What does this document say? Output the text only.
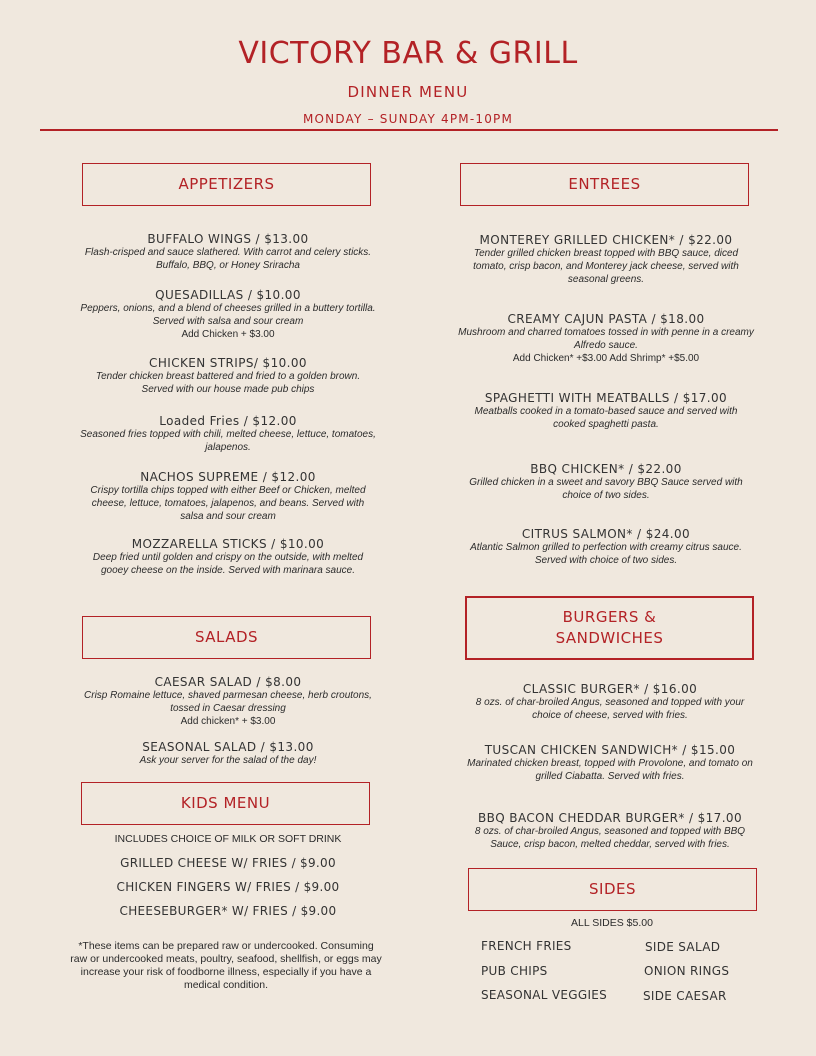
VICTORY BAR & GRILL
DINNER MENU
MONDAY – SUNDAY 4PM-10PM
APPETIZERS
BUFFALO WINGS / $13.00
Flash-crisped and sauce slathered. With carrot and celery sticks. Buffalo, BBQ, or Honey Sriracha
QUESADILLAS / $10.00
Peppers, onions, and a blend of cheeses grilled in a buttery tortilla. Served with salsa and sour cream
Add Chicken + $3.00
CHICKEN STRIPS/ $10.00
Tender chicken breast battered and fried to a golden brown. Served with our house made pub chips
Loaded Fries / $12.00
Seasoned fries topped with chili, melted cheese, lettuce, tomatoes, jalapenos.
NACHOS SUPREME / $12.00
Crispy tortilla chips topped with either Beef or Chicken, melted cheese, lettuce, tomatoes, jalapenos, and beans. Served with salsa and sour cream
MOZZARELLA STICKS / $10.00
Deep fried until golden and crispy on the outside, with melted gooey cheese on the inside. Served with marinara sauce.
SALADS
CAESAR SALAD / $8.00
Crisp Romaine lettuce, shaved parmesan cheese, herb croutons, tossed in Caesar dressing
Add chicken* + $3.00
SEASONAL SALAD / $13.00
Ask your server for the salad of the day!
KIDS MENU
INCLUDES CHOICE OF MILK OR SOFT DRINK
GRILLED CHEESE W/ FRIES / $9.00
CHICKEN FINGERS W/ FRIES / $9.00
CHEESEBURGER* W/ FRIES / $9.00
*These items can be prepared raw or undercooked. Consuming raw or undercooked meats, poultry, seafood, shellfish, or eggs may increase your risk of foodborne illness, especially if you have a medical condition.
ENTREES
MONTEREY GRILLED CHICKEN* / $22.00
Tender grilled chicken breast topped with BBQ sauce, diced tomato, crisp bacon, and Monterey jack cheese, served with seasonal greens.
CREAMY CAJUN PASTA / $18.00
Mushroom and charred tomatoes tossed in with penne in a creamy Alfredo sauce.
Add Chicken* +$3.00 Add Shrimp* +$5.00
SPAGHETTI WITH MEATBALLS / $17.00
Meatballs cooked in a tomato-based sauce and served with cooked spaghetti pasta.
BBQ CHICKEN* / $22.00
Grilled chicken in a sweet and savory BBQ Sauce served with choice of two sides.
CITRUS SALMON* / $24.00
Atlantic Salmon grilled to perfection with creamy citrus sauce. Served with choice of two sides.
BURGERS &
SANDWICHES
CLASSIC BURGER* / $16.00
8 ozs. of char-broiled Angus, seasoned and topped with your choice of cheese, served with fries.
TUSCAN CHICKEN SANDWICH* / $15.00
Marinated chicken breast, topped with Provolone, and tomato on grilled Ciabatta. Served with fries.
BBQ BACON CHEDDAR BURGER* / $17.00
8 ozs. of char-broiled Angus, seasoned and topped with BBQ Sauce, crisp bacon, melted cheddar, served with fries.
SIDES
ALL SIDES $5.00
FRENCH FRIES
PUB CHIPS
SEASONAL VEGGIES
SIDE SALAD
ONION RINGS
SIDE CAESAR
